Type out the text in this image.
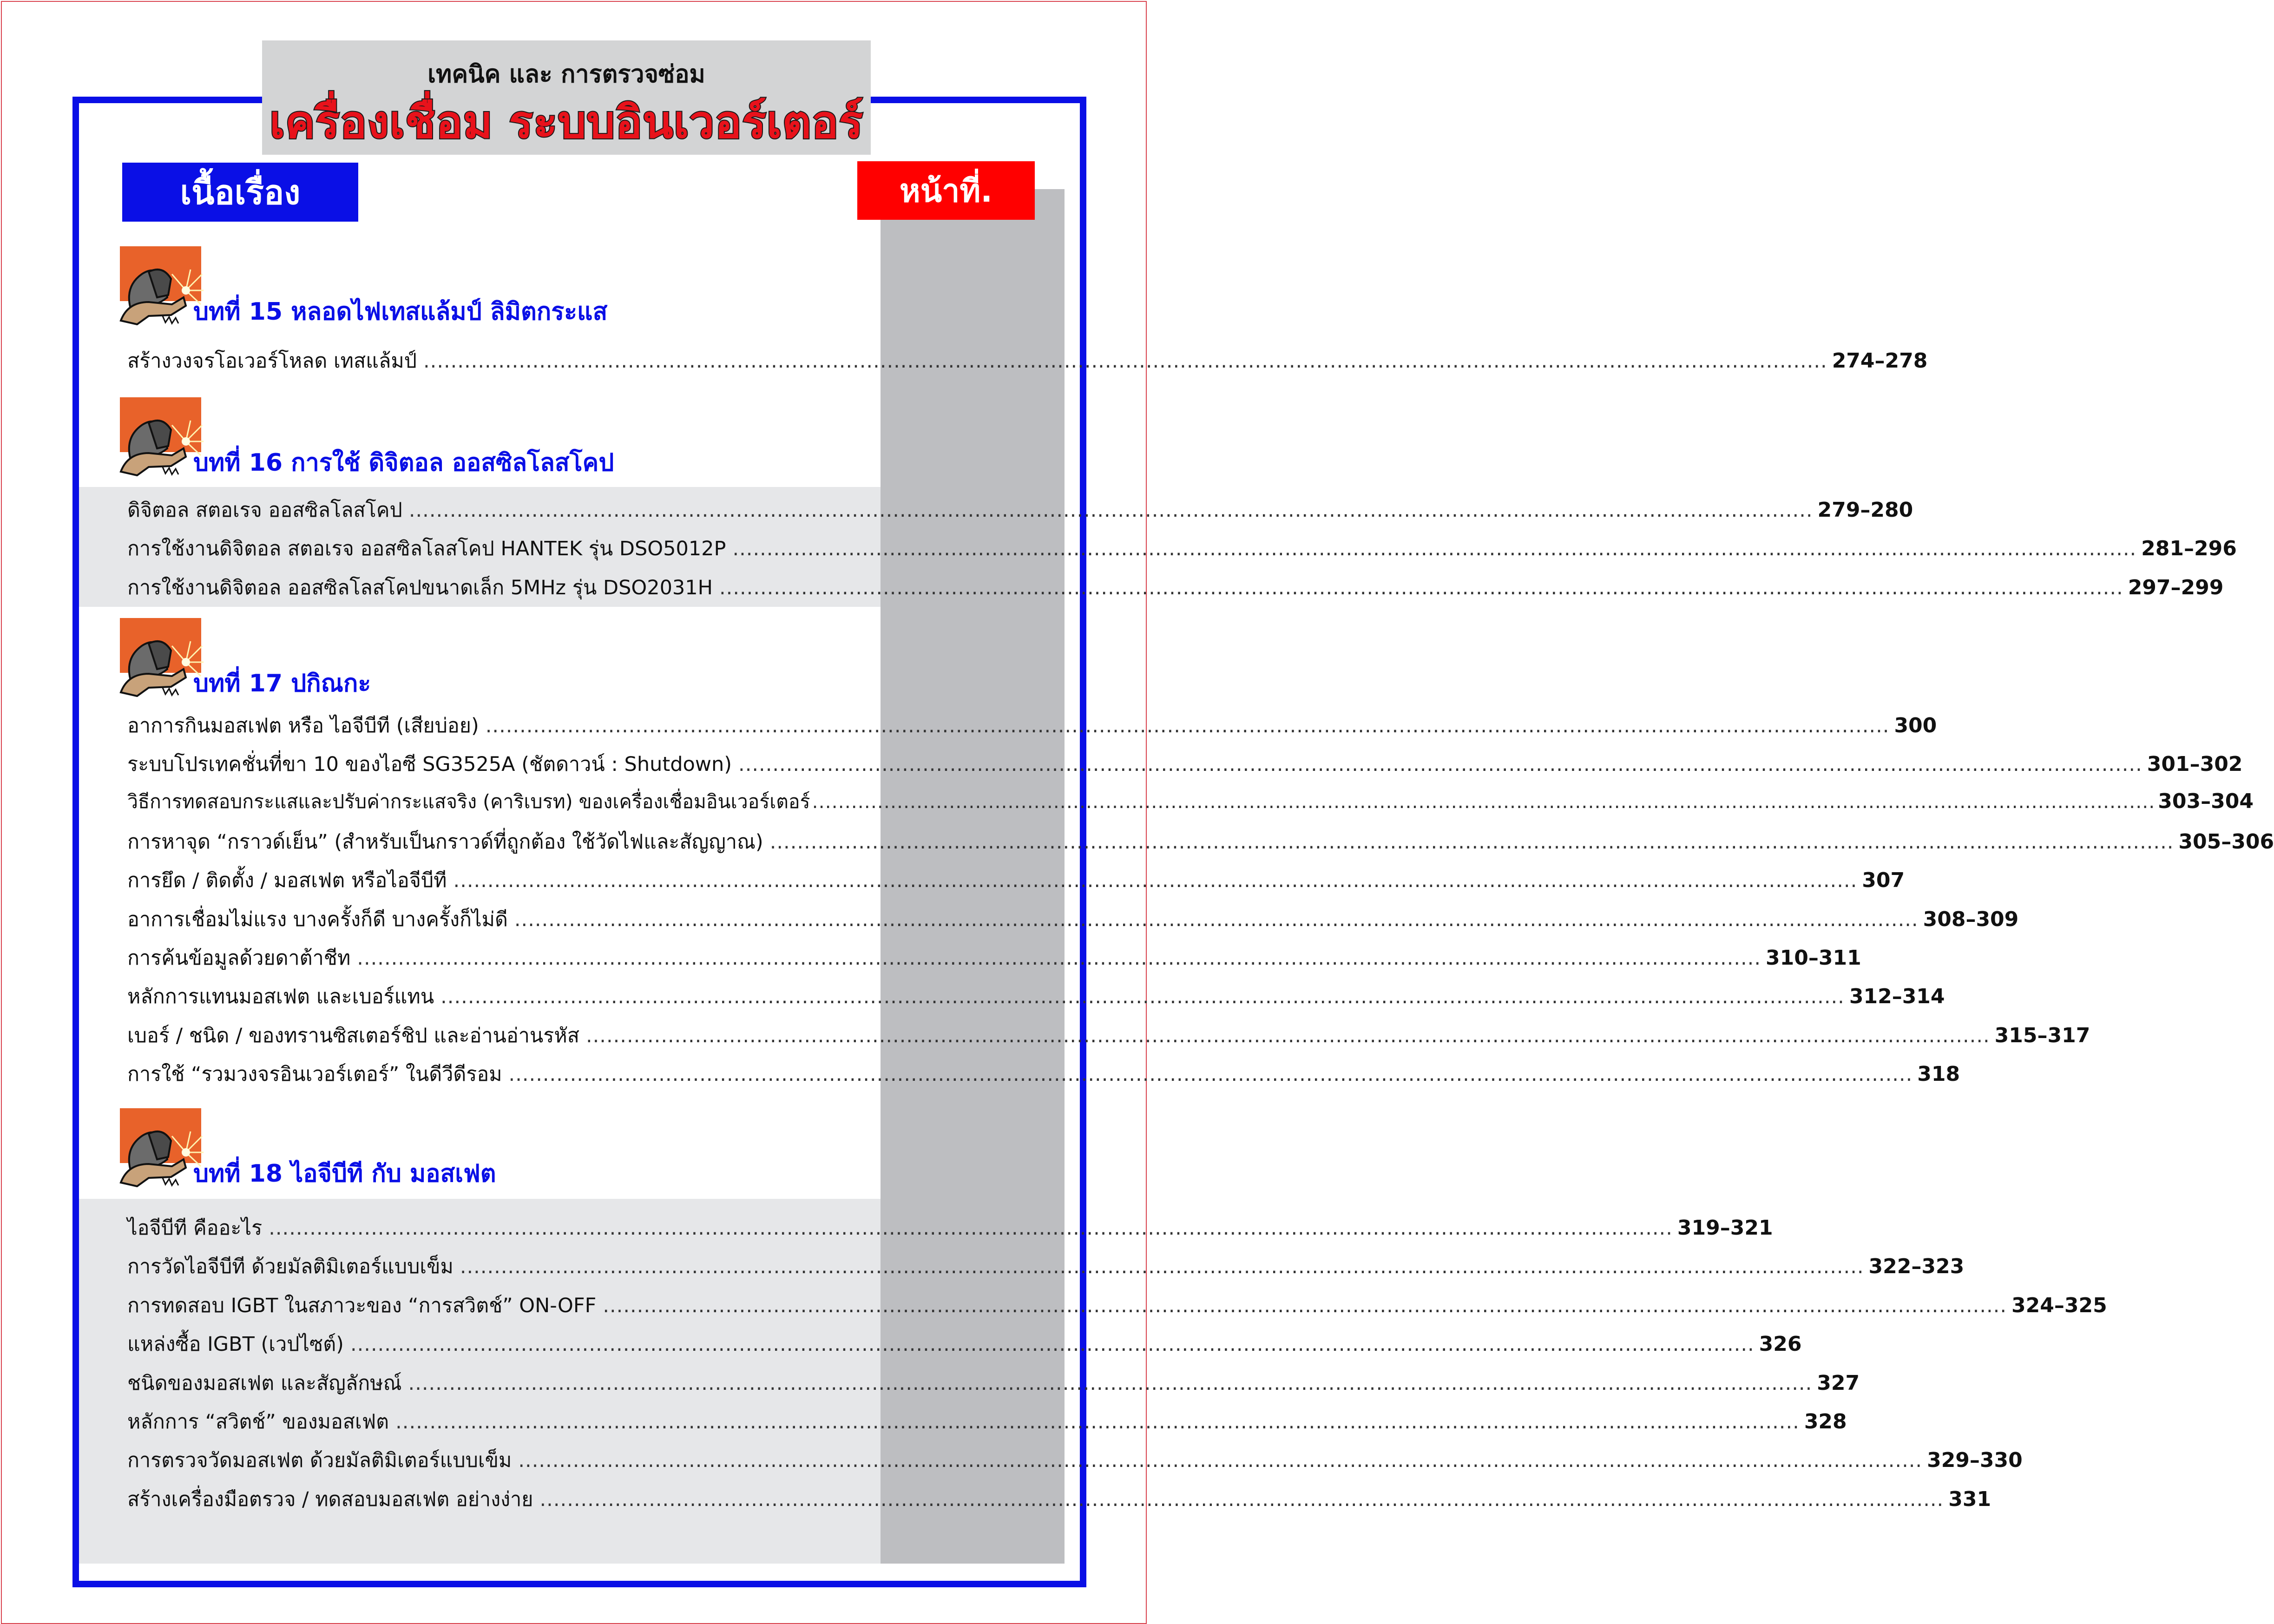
เทคนิค และ การตรวจซ่อม
เครื่องเชื่อม ระบบอินเวอร์เตอร์
เนื้อเรื่อง	หน้าที่.
บทที่ 15 หลอดไฟเทสแล้มป์ ลิมิตกระแส
สร้างวงจรโอเวอร์โหลด เทสแล้มป์ .............................................................................................................................................................................................................. 274–278
บทที่ 16 การใช้ ดิจิตอล ออสซิลโลสโคป
ดิจิตอล สตอเรจ ออสซิลโลสโคป .............................................................................................................................................................................................................. 279–280
การใช้งานดิจิตอล สตอเรจ ออสซิลโลสโคป HANTEK รุ่น DSO5012P .............................................................................................................................................................................................................. 281–296
การใช้งานดิจิตอล ออสซิลโลสโคปขนาดเล็ก 5MHz รุ่น DSO2031H .............................................................................................................................................................................................................. 297–299
บทที่ 17 ปกิณกะ
อาการกินมอสเฟต หรือ ไอจีบีที (เสียบ่อย) .............................................................................................................................................................................................................. 300
ระบบโปรเทคชั่นที่ขา 10 ของไอซี SG3525A (ชัตดาวน์ : Shutdown) .............................................................................................................................................................................................................. 301–302
วิธีการทดสอบกระแสและปรับค่ากระแสจริง (คาริเบรท) ของเครื่องเชื่อมอินเวอร์เตอร์ .............................................................................................................................................................................................................. 303–304
การหาจุด “กราวด์เย็น” (สำหรับเป็นกราวด์ที่ถูกต้อง ใช้วัดไฟและสัญญาณ) .............................................................................................................................................................................................................. 305–306
การยึด / ติดตั้ง / มอสเฟต หรือไอจีบีที .............................................................................................................................................................................................................. 307
อาการเชื่อมไม่แรง บางครั้งก็ดี บางครั้งก็ไม่ดี .............................................................................................................................................................................................................. 308–309
การค้นข้อมูลด้วยดาต้าชีท .............................................................................................................................................................................................................. 310–311
หลักการแทนมอสเฟต และเบอร์แทน .............................................................................................................................................................................................................. 312–314
เบอร์ / ชนิด / ของทรานซิสเตอร์ชิป และอ่านอ่านรหัส .............................................................................................................................................................................................................. 315–317
การใช้ “รวมวงจรอินเวอร์เตอร์” ในดีวีดีรอม .............................................................................................................................................................................................................. 318
บทที่ 18 ไอจีบีที กับ มอสเฟต
ไอจีบีที คืออะไร .............................................................................................................................................................................................................. 319–321
การวัดไอจีบีที ด้วยมัลติมิเตอร์แบบเข็ม .............................................................................................................................................................................................................. 322–323
การทดสอบ IGBT ในสภาวะของ “การสวิตช์” ON-OFF .............................................................................................................................................................................................................. 324–325
แหล่งซื้อ IGBT (เวปไซต์) .............................................................................................................................................................................................................. 326
ชนิดของมอสเฟต และสัญลักษณ์ .............................................................................................................................................................................................................. 327
หลักการ “สวิตช์” ของมอสเฟต .............................................................................................................................................................................................................. 328
การตรวจวัดมอสเฟต ด้วยมัลติมิเตอร์แบบเข็ม .............................................................................................................................................................................................................. 329–330
สร้างเครื่องมือตรวจ / ทดสอบมอสเฟต อย่างง่าย .............................................................................................................................................................................................................. 331
